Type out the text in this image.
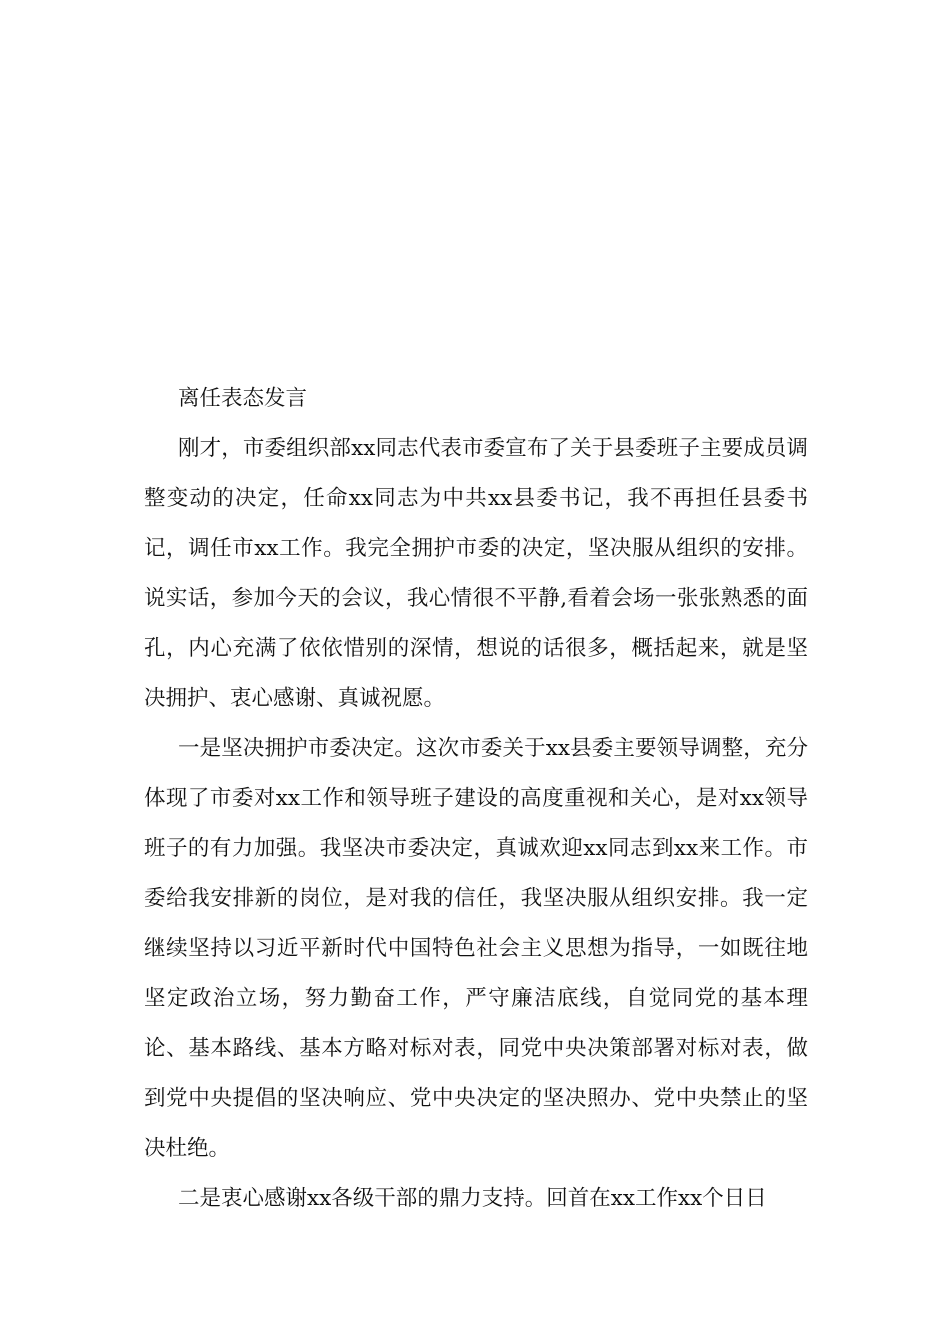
离任表态发言

刚才，市委组织部xx同志代表市委宣布了关于县委班子主要成员调整变动的决定，任命xx同志为中共xx县委书记，我不再担任县委书记，调任市xx工作。我完全拥护市委的决定，坚决服从组织的安排。说实话，参加今天的会议，我心情很不平静,看着会场一张张熟悉的面孔，内心充满了依依惜别的深情，想说的话很多，概括起来，就是坚决拥护、衷心感谢、真诚祝愿。

一是坚决拥护市委决定。这次市委关于xx县委主要领导调整，充分体现了市委对xx工作和领导班子建设的高度重视和关心，是对xx领导班子的有力加强。我坚决市委决定，真诚欢迎xx同志到xx来工作。市委给我安排新的岗位，是对我的信任，我坚决服从组织安排。我一定继续坚持以习近平新时代中国特色社会主义思想为指导，一如既往地坚定政治立场，努力勤奋工作，严守廉洁底线，自觉同党的基本理论、基本路线、基本方略对标对表，同党中央决策部署对标对表，做到党中央提倡的坚决响应、党中央决定的坚决照办、党中央禁止的坚决杜绝。

二是衷心感谢xx各级干部的鼎力支持。回首在xx工作xx个日日
